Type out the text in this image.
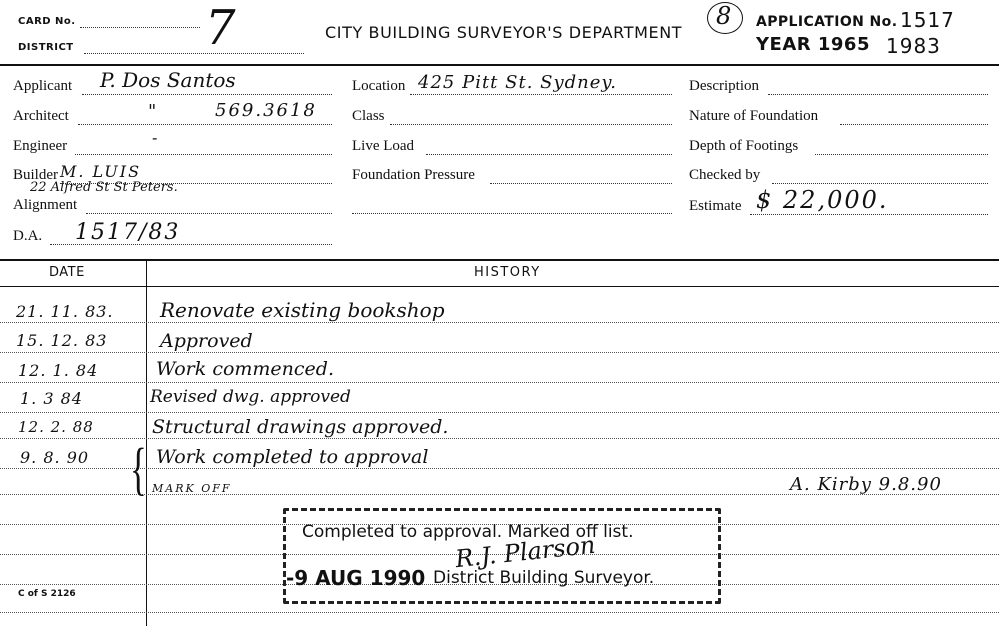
CARD No.	7
DISTRICT
CITY BUILDING SURVEYOR'S DEPARTMENT
8 APPLICATION No. 1517
YEAR 1965 1983
Applicant P. Dos Santos
Architect	"	569.3618
Engineer	-
Builder M. LUIS
22 Alfred St St Peters.
Alignment
D.A. 1517/83
Location 425 Pitt St. Sydney.
Class
Live Load
Foundation Pressure
Description
Nature of Foundation
Depth of Footings
Checked by
Estimate $ 22,000.
DATE	HISTORY
21. 11. 83. Renovate existing bookshop
15. 12. 83	Approved
12. 1. 84	Work commenced.
1. 3 84	Revised dwg. approved
12. 2. 88	Structural drawings approved.
9. 8. 90 { Work completed to approval
MARK OFF	A. Kirby 9.8.90
Completed to approval. Marked off list.
R.J. Plarson
-9 AUG 1990 District Building Surveyor.
C of S 2126
